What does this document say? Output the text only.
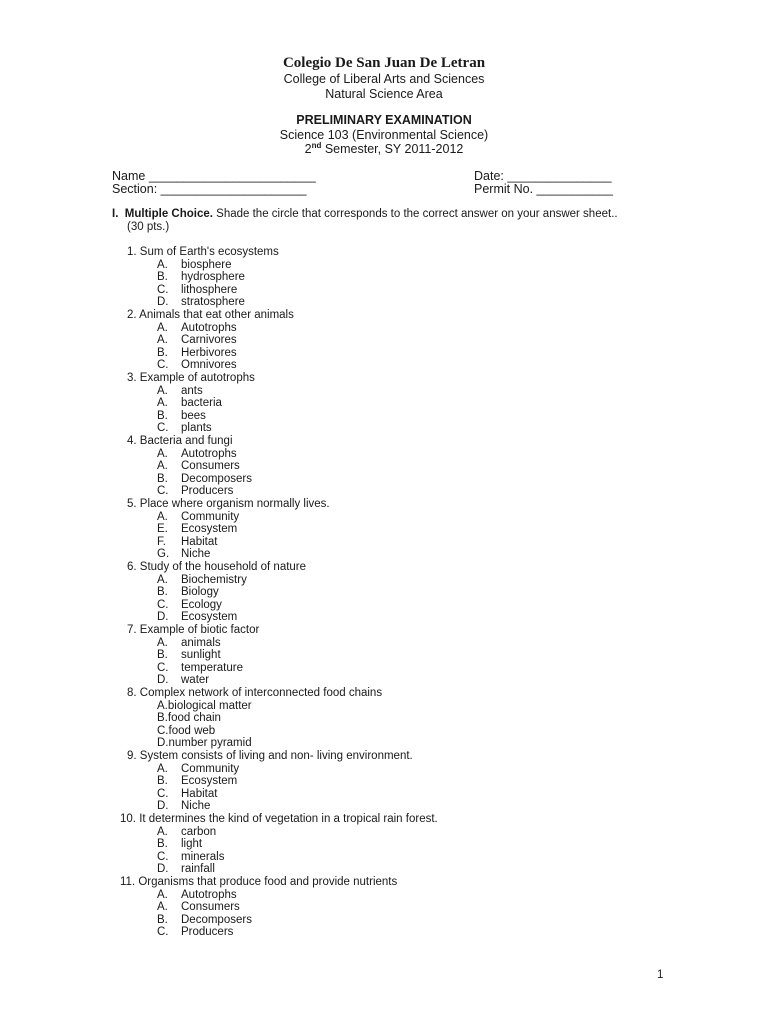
Colegio De San Juan De Letran
College of Liberal Arts and Sciences
Natural Science Area
PRELIMINARY EXAMINATION
Science 103 (Environmental Science)
2nd Semester, SY 2011-2012
Name ________________________
Section: _____________________
Date: _______________
Permit No. ___________
I. Multiple Choice. Shade the circle that corresponds to the correct answer on your answer sheet..
(30 pts.)
1. Sum of Earth's ecosystems
A. biosphere
B. hydrosphere
C. lithosphere
D. stratosphere
2. Animals that eat other animals
A. Autotrophs
A. Carnivores
B. Herbivores
C. Omnivores
3. Example of autotrophs
A. ants
A. bacteria
B. bees
C. plants
4. Bacteria and fungi
A. Autotrophs
A. Consumers
B. Decomposers
C. Producers
5. Place where organism normally lives.
A. Community
E. Ecosystem
F. Habitat
G. Niche
6. Study of the household of nature
A. Biochemistry
B. Biology
C. Ecology
D. Ecosystem
7. Example of biotic factor
A. animals
B. sunlight
C. temperature
D. water
8. Complex network of interconnected food chains
A.biological matter
B.food chain
C.food web
D.number pyramid
9. System consists of living and non- living environment.
A. Community
B. Ecosystem
C. Habitat
D. Niche
10. It determines the kind of vegetation in a tropical rain forest.
A. carbon
B. light
C. minerals
D. rainfall
11. Organisms that produce food and provide nutrients
A. Autotrophs
A. Consumers
B. Decomposers
C. Producers
1
